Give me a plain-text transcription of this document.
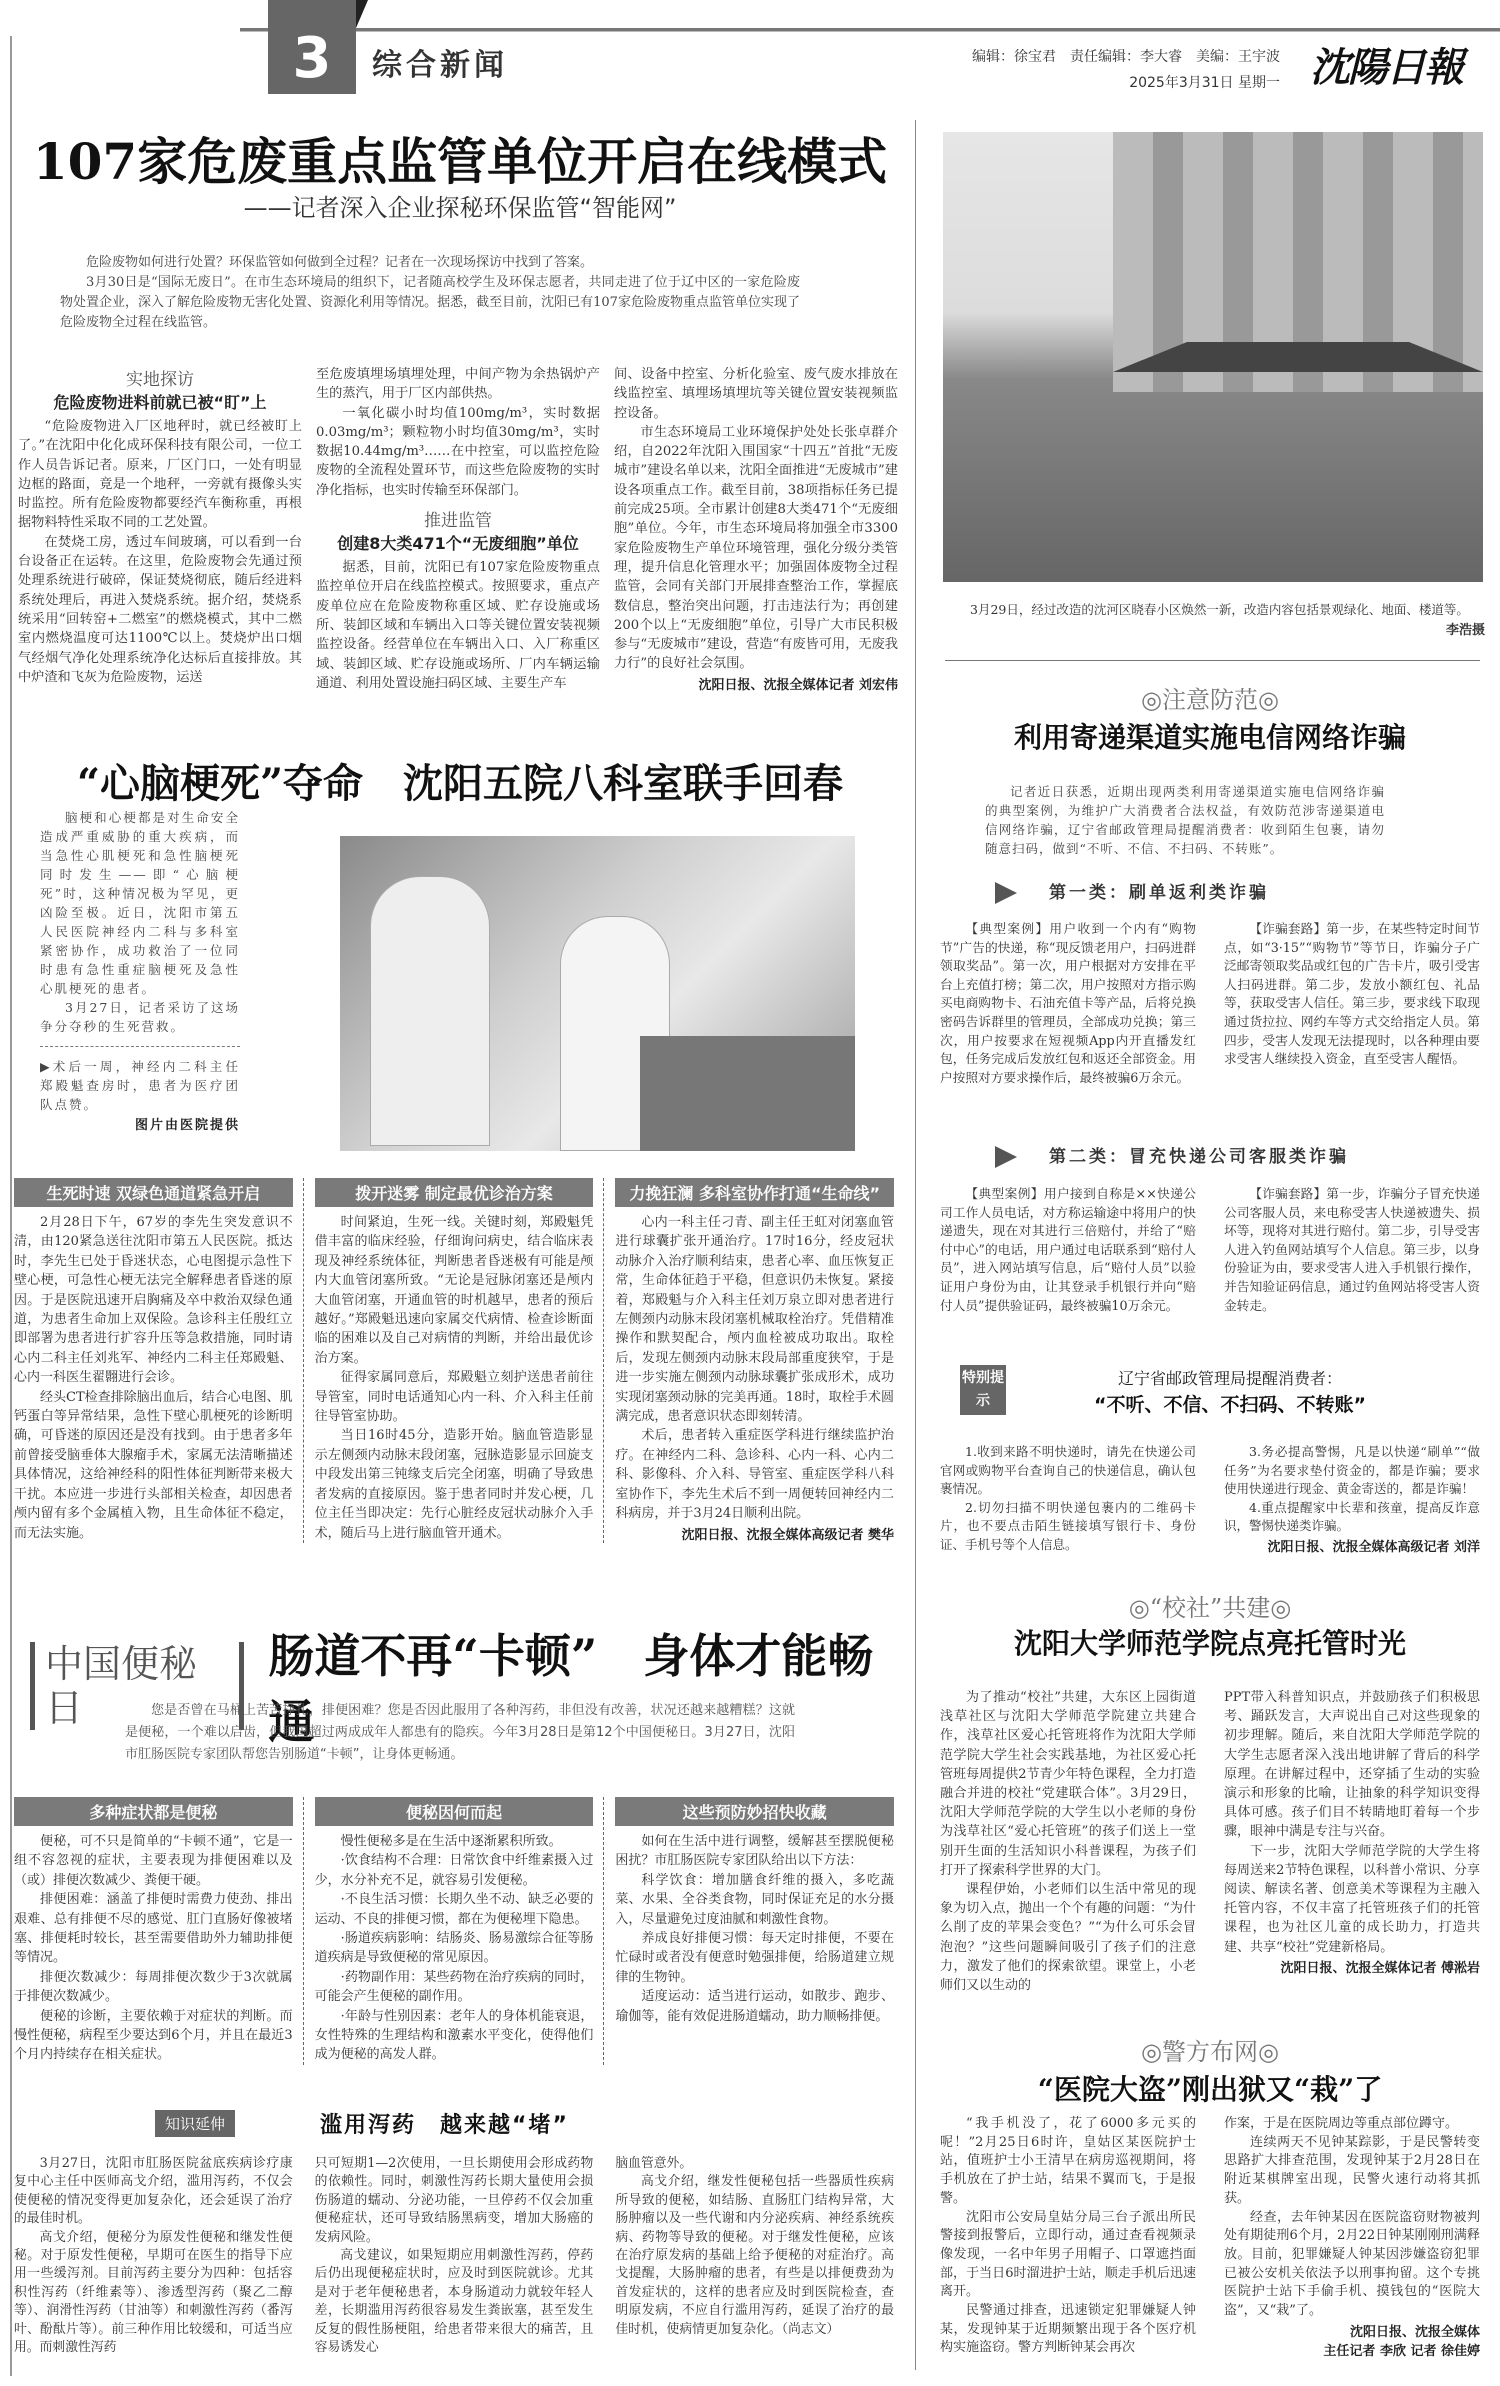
3	综合新闻	编辑：徐宝君　责任编辑：李大睿　美编：王宇波
2025年3月31日 星期一 沈陽日報
107家危废重点监管单位开启在线模式
——记者深入企业探秘环保监管“智能网”

危险废物如何进行处置？环保监管如何做到全过程？记者在一次现场探访中找到了答案。

3月30日是“国际无废日”。在市生态环境局的组织下，记者随高校学生及环保志愿者，共同走进了位于辽中区的一家危险废物处置企业，深入了解危险废物无害化处置、资源化利用等情况。据悉，截至目前，沈阳已有107家危险废物重点监管单位实现了危险废物全过程在线监管。

实地探访
危险废物进料前就已被“盯”上

“危险废物进入厂区地秤时，就已经被盯上了。”在沈阳中化化成环保科技有限公司，一位工作人员告诉记者。原来，厂区门口，一处有明显边框的路面，竟是一个地秤，一旁就有摄像头实时监控。所有危险废物都要经汽车衡称重，再根据物料特性采取不同的工艺处置。

在焚烧工房，透过车间玻璃，可以看到一台台设备正在运转。在这里，危险废物会先通过预处理系统进行破碎，保证焚烧彻底，随后经进料系统处理后，再进入焚烧系统。据介绍，焚烧系统采用“回转窑+二燃室”的燃烧模式，其中二燃室内燃烧温度可达1100℃以上。焚烧炉出口烟气经烟气净化处理系统净化达标后直接排放。其中炉渣和飞灰为危险废物，运送

至危废填埋场填埋处理，中间产物为余热锅炉产生的蒸汽，用于厂区内部供热。

一氧化碳小时均值100mg/m³，实时数据0.03mg/m³；颗粒物小时均值30mg/m³，实时数据10.44mg/m³……在中控室，可以监控危险废物的全流程处置环节，而这些危险废物的实时净化指标，也实时传输至环保部门。

推进监管
创建8大类471个“无废细胞”单位

据悉，目前，沈阳已有107家危险废物重点监控单位开启在线监控模式。按照要求，重点产废单位应在危险废物称重区域、贮存设施或场所、装卸区域和车辆出入口等关键位置安装视频监控设备。经营单位在车辆出入口、入厂称重区域、装卸区域、贮存设施或场所、厂内车辆运输通道、利用处置设施扫码区域、主要生产车

间、设备中控室、分析化验室、废气废水排放在线监控室、填埋场填埋坑等关键位置安装视频监控设备。

市生态环境局工业环境保护处处长张卓群介绍，自2022年沈阳入围国家“十四五”首批“无废城市”建设名单以来，沈阳全面推进“无废城市”建设各项重点工作。截至目前，38项指标任务已提前完成25项。全市累计创建8大类471个“无废细胞”单位。今年，市生态环境局将加强全市3300家危险废物生产单位环境管理，强化分级分类管理，提升信息化管理水平；加强固体废物全过程监管，会同有关部门开展排查整治工作，掌握底数信息，整治突出问题，打击违法行为；再创建200个以上“无废细胞”单位，引导广大市民积极参与“无废城市”建设，营造“有废皆可用，无废我力行”的良好社会氛围。

沈阳日报、沈报全媒体记者 刘宏伟
“心脑梗死”夺命　沈阳五院八科室联手回春

脑梗和心梗都是对生命安全造成严重威胁的重大疾病，而当急性心肌梗死和急性脑梗死同时发生——即“心脑梗死”时，这种情况极为罕见，更凶险至极。近日，沈阳市第五人民医院神经内二科与多科室紧密协作，成功救治了一位同时患有急性重症脑梗死及急性心肌梗死的患者。

3月27日，记者采访了这场争分夺秒的生死营救。

▶术后一周，神经内二科主任郑殿魁查房时，患者为医疗团队点赞。

图片由医院提供
生死时速 双绿色通道紧急开启

2月28日下午，67岁的李先生突发意识不清，由120紧急送往沈阳市第五人民医院。抵达时，李先生已处于昏迷状态，心电图提示急性下壁心梗，可急性心梗无法完全解释患者昏迷的原因。于是医院迅速开启胸痛及卒中救治双绿色通道，为患者生命加上双保险。急诊科主任殷红立即部署为患者进行扩容升压等急救措施，同时请心内二科主任刘兆军、神经内二科主任郑殿魁、心内一科医生翟翾进行会诊。

经头CT检查排除脑出血后，结合心电图、肌钙蛋白等异常结果，急性下壁心肌梗死的诊断明确，可昏迷的原因还是没有找到。由于患者多年前曾接受脑垂体大腺瘤手术，家属无法清晰描述具体情况，这给神经科的阳性体征判断带来极大干扰。本应进一步进行头部相关检查，却因患者颅内留有多个金属植入物，且生命体征不稳定，而无法实施。

拨开迷雾 制定最优诊治方案

时间紧迫，生死一线。关键时刻，郑殿魁凭借丰富的临床经验，仔细询问病史，结合临床表现及神经系统体征，判断患者昏迷极有可能是颅内大血管闭塞所致。“无论是冠脉闭塞还是颅内大血管闭塞，开通血管的时机越早，患者的预后越好。”郑殿魁迅速向家属交代病情、检查诊断面临的困难以及自己对病情的判断，并给出最优诊治方案。

征得家属同意后，郑殿魁立刻护送患者前往导管室，同时电话通知心内一科、介入科主任前往导管室协助。

当日16时45分，造影开始。脑血管造影显示左侧颈内动脉末段闭塞，冠脉造影显示回旋支中段发出第三钝缘支后完全闭塞，明确了导致患者发病的直接原因。鉴于患者同时并发心梗，几位主任当即决定：先行心脏经皮冠状动脉介入手术，随后马上进行脑血管开通术。

力挽狂澜 多科室协作打通“生命线”

心内一科主任刁青、副主任王虹对闭塞血管进行球囊扩张开通治疗。17时16分，经皮冠状动脉介入治疗顺利结束，患者心率、血压恢复正常，生命体征趋于平稳，但意识仍未恢复。紧接着，郑殿魁与介入科主任刘万泉立即对患者进行左侧颈内动脉末段闭塞机械取栓治疗。凭借精准操作和默契配合，颅内血栓被成功取出。取栓后，发现左侧颈内动脉末段局部重度狭窄，于是进一步实施左侧颈内动脉球囊扩张成形术，成功实现闭塞颈动脉的完美再通。18时，取栓手术圆满完成，患者意识状态即刻转清。

术后，患者转入重症医学科进行继续监护治疗。在神经内二科、急诊科、心内一科、心内二科、影像科、介入科、导管室、重症医学科八科室协作下，李先生术后不到一周便转回神经内二科病房，并于3月24日顺利出院。

沈阳日报、沈报全媒体高级记者 樊华
中国便秘日
肠道不再“卡顿”　身体才能畅通

您是否曾在马桶上苦苦挣扎，排便困难？您是否因此服用了各种泻药，非但没有改善，状况还越来越糟糕？这就是便秘，一个难以启齿，但我国超过两成成年人都患有的隐疾。今年3月28日是第12个中国便秘日。3月27日，沈阳市肛肠医院专家团队帮您告别肠道“卡顿”，让身体更畅通。

多种症状都是便秘

便秘，可不只是简单的“卡顿不通”，它是一组不容忽视的症状，主要表现为排便困难以及（或）排便次数减少、粪便干硬。

排便困难：涵盖了排便时需费力使劲、排出艰难、总有排便不尽的感觉、肛门直肠好像被堵塞、排便耗时较长，甚至需要借助外力辅助排便等情况。

排便次数减少：每周排便次数少于3次就属于排便次数减少。

便秘的诊断，主要依赖于对症状的判断。而慢性便秘，病程至少要达到6个月，并且在最近3个月内持续存在相关症状。

便秘因何而起

慢性便秘多是在生活中逐渐累积所致。

·饮食结构不合理：日常饮食中纤维素摄入过少，水分补充不足，就容易引发便秘。

·不良生活习惯：长期久坐不动、缺乏必要的运动、不良的排便习惯，都在为便秘埋下隐患。

·肠道疾病影响：结肠炎、肠易激综合征等肠道疾病是导致便秘的常见原因。

·药物副作用：某些药物在治疗疾病的同时，可能会产生便秘的副作用。

·年龄与性别因素：老年人的身体机能衰退，女性特殊的生理结构和激素水平变化，使得他们成为便秘的高发人群。

这些预防妙招快收藏

如何在生活中进行调整，缓解甚至摆脱便秘困扰？市肛肠医院专家团队给出以下方法：

科学饮食：增加膳食纤维的摄入，多吃蔬菜、水果、全谷类食物，同时保证充足的水分摄入，尽量避免过度油腻和刺激性食物。

养成良好排便习惯：每天定时排便，不要在忙碌时或者没有便意时勉强排便，给肠道建立规律的生物钟。

适度运动：适当进行运动，如散步、跑步、瑜伽等，能有效促进肠道蠕动，助力顺畅排便。

知识延伸	滥用泻药　越来越“堵”

3月27日，沈阳市肛肠医院盆底疾病诊疗康复中心主任中医师高戈介绍，滥用泻药，不仅会使便秘的情况变得更加复杂化，还会延误了治疗的最佳时机。

高戈介绍，便秘分为原发性便秘和继发性便秘。对于原发性便秘，早期可在医生的指导下应用一些缓泻剂。目前泻药主要分为四种：包括容积性泻药（纤维素等）、渗透型泻药（聚乙二醇等）、润滑性泻药（甘油等）和刺激性泻药（番泻叶、酚酞片等）。前三种作用比较缓和，可适当应用。而刺激性泻药

只可短期1—2次使用，一旦长期使用会形成药物的依赖性。同时，刺激性泻药长期大量使用会损伤肠道的蠕动、分泌功能，一旦停药不仅会加重便秘症状，还可导致结肠黑病变，增加大肠癌的发病风险。

高戈建议，如果短期应用刺激性泻药，停药后仍出现便秘症状时，应及时到医院就诊。尤其是对于老年便秘患者，本身肠道动力就较年轻人差，长期滥用泻药很容易发生粪嵌塞，甚至发生反复的假性肠梗阻，给患者带来很大的痛苦，且容易诱发心

脑血管意外。

高戈介绍，继发性便秘包括一些器质性疾病所导致的便秘，如结肠、直肠肛门结构异常，大肠肿瘤以及一些代谢和内分泌疾病、神经系统疾病、药物等导致的便秘。对于继发性便秘，应该在治疗原发病的基础上给予便秘的对症治疗。高戈提醒，大肠肿瘤的患者，有些是以排便费劲为首发症状的，这样的患者应及时到医院检查，查明原发病，不应自行滥用泻药，延误了治疗的最佳时机，使病情更加复杂化。（尚志文）

3月29日，经过改造的沈河区晓春小区焕然一新，改造内容包括景观绿化、地面、楼道等。

李浩摄
◎注意防范◎
利用寄递渠道实施电信网络诈骗

记者近日获悉，近期出现两类利用寄递渠道实施电信网络诈骗的典型案例，为维护广大消费者合法权益，有效防范涉寄递渠道电信网络诈骗，辽宁省邮政管理局提醒消费者：收到陌生包裹，请勿随意扫码，做到“不听、不信、不扫码、不转账”。

第一类：刷单返利类诈骗

【典型案例】用户收到一个内有“购物节”广告的快递，称“现反馈老用户，扫码进群领取奖品”。第一次，用户根据对方安排在平台上充值打榜；第二次，用户按照对方指示购买电商购物卡、石油充值卡等产品，后将兑换密码告诉群里的管理员，全部成功兑换；第三次，用户按要求在短视频App内开直播发红包，任务完成后发放红包和返还全部资金。用户按照对方要求操作后，最终被骗6万余元。

【诈骗套路】第一步，在某些特定时间节点，如“3·15”“购物节”等节日，诈骗分子广泛邮寄领取奖品或红包的广告卡片，吸引受害人扫码进群。第二步，发放小额红包、礼品等，获取受害人信任。第三步，要求线下取现通过货拉拉、网约车等方式交给指定人员。第四步，受害人发现无法提现时，以各种理由要求受害人继续投入资金，直至受害人醒悟。

第二类：冒充快递公司客服类诈骗

【典型案例】用户接到自称是××快递公司工作人员电话，对方称运输途中将用户的快递遗失，现在对其进行三倍赔付，并给了“赔付中心”的电话，用户通过电话联系到“赔付人员”，进入网站填写信息，后“赔付人员”以验证用户身份为由，让其登录手机银行并向“赔付人员”提供验证码，最终被骗10万余元。

【诈骗套路】第一步，诈骗分子冒充快递公司客服人员，来电称受害人快递被遗失、损坏等，现将对其进行赔付。第二步，引导受害人进入钓鱼网站填写个人信息。第三步，以身份验证为由，要求受害人进入手机银行操作，并告知验证码信息，通过钓鱼网站将受害人资金转走。

特别提示
辽宁省邮政管理局提醒消费者：
“不听、不信、不扫码、不转账”

1.收到来路不明快递时，请先在快递公司官网或购物平台查询自己的快递信息，确认包裹情况。

2.切勿扫描不明快递包裹内的二维码卡片，也不要点击陌生链接填写银行卡、身份证、手机号等个人信息。

3.务必提高警惕，凡是以快递“刷单”“做任务”为名要求垫付资金的，都是诈骗；要求使用快递进行现金、黄金寄送的，都是诈骗！

4.重点提醒家中长辈和孩童，提高反诈意识，警惕快递类诈骗。

沈阳日报、沈报全媒体高级记者 刘洋
◎“校社”共建◎
沈阳大学师范学院点亮托管时光

为了推动“校社”共建，大东区上园街道浅草社区与沈阳大学师范学院建立共建合作，浅草社区爱心托管班将作为沈阳大学师范学院大学生社会实践基地，为社区爱心托管班每周提供2节青少年特色课程，全力打造融合并进的校社“党建联合体”。3月29日，沈阳大学师范学院的大学生以小老师的身份为浅草社区“爱心托管班”的孩子们送上一堂别开生面的生活知识小科普课程，为孩子们打开了探索科学世界的大门。

课程伊始，小老师们以生活中常见的现象为切入点，抛出一个个有趣的问题：“为什么削了皮的苹果会变色？”“为什么可乐会冒泡泡？”这些问题瞬间吸引了孩子们的注意力，激发了他们的探索欲望。课堂上，小老师们又以生动的

PPT带入科普知识点，并鼓励孩子们积极思考、踊跃发言，大声说出自己对这些现象的初步理解。随后，来自沈阳大学师范学院的大学生志愿者深入浅出地讲解了背后的科学原理。在讲解过程中，还穿插了生动的实验演示和形象的比喻，让抽象的科学知识变得具体可感。孩子们目不转睛地盯着每一个步骤，眼神中满是专注与兴奋。

下一步，沈阳大学师范学院的大学生将每周送来2节特色课程，以科普小常识、分享阅读、解读名著、创意美术等课程为主融入托管内容，不仅丰富了托管班孩子们的托管课程，也为社区儿童的成长助力，打造共建、共享“校社”党建新格局。

沈阳日报、沈报全媒体记者 傅淞岩
◎警方布网◎
“医院大盗”刚出狱又“栽”了

“我手机没了，花了6000多元买的呢！”2月25日6时许，皇姑区某医院护士站，值班护士小王清早在病房巡视期间，将手机放在了护士站，结果不翼而飞，于是报警。

沈阳市公安局皇姑分局三台子派出所民警接到报警后，立即行动，通过查看视频录像发现，一名中年男子用帽子、口罩遮挡面部，于当日6时溜进护士站，顺走手机后迅速离开。

民警通过排查，迅速锁定犯罪嫌疑人钟某，发现钟某于近期频繁出现于各个医疗机构实施盗窃。警方判断钟某会再次

作案，于是在医院周边等重点部位蹲守。

连续两天不见钟某踪影，于是民警转变思路扩大排查范围，发现钟某于2月28日在附近某棋牌室出现，民警火速行动将其抓获。

经查，去年钟某因在医院盗窃财物被判处有期徒刑6个月，2月22日钟某刚刚刑满释放。目前，犯罪嫌疑人钟某因涉嫌盗窃犯罪已被公安机关依法予以刑事拘留。这个专挑医院护士站下手偷手机、摸钱包的“医院大盗”，又“栽”了。

沈阳日报、沈报全媒体
主任记者 李欣 记者 徐佳婷
